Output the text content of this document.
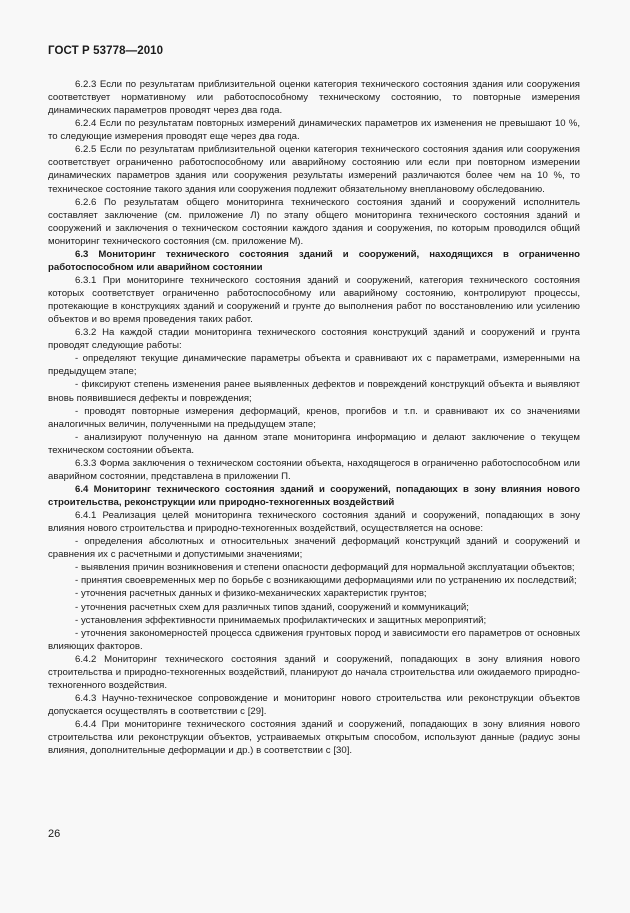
ГОСТ Р 53778—2010

6.2.3 Если по результатам приблизительной оценки категория технического состояния здания или сооружения соответствует нормативному или работоспособному техническому состоянию, то повторные измерения динамических параметров проводят через два года.

6.2.4 Если по результатам повторных измерений динамических параметров их изменения не превышают 10 %, то следующие измерения проводят еще через два года.

6.2.5 Если по результатам приблизительной оценки категория технического состояния здания или сооружения соответствует ограниченно работоспособному или аварийному состоянию или если при повторном измерении динамических параметров здания или сооружения результаты измерений различаются более чем на 10 %, то техническое состояние такого здания или сооружения подлежит обязательному внеплановому обследованию.

6.2.6 По результатам общего мониторинга технического состояния зданий и сооружений исполнитель составляет заключение (см. приложение Л) по этапу общего мониторинга технического состояния зданий и сооружений и заключения о техническом состоянии каждого здания и сооружения, по которым проводился общий мониторинг технического состояния (см. приложение М).

6.3 Мониторинг технического состояния зданий и сооружений, находящихся в ограниченно работоспособном или аварийном состоянии

6.3.1 При мониторинге технического состояния зданий и сооружений, категория технического состояния которых соответствует ограниченно работоспособному или аварийному состоянию, контролируют процессы, протекающие в конструкциях зданий и сооружений и грунте до выполнения работ по восстановлению или усилению объектов и во время проведения таких работ.

6.3.2 На каждой стадии мониторинга технического состояния конструкций зданий и сооружений и грунта проводят следующие работы:

- определяют текущие динамические параметры объекта и сравнивают их с параметрами, измеренными на предыдущем этапе;

- фиксируют степень изменения ранее выявленных дефектов и повреждений конструкций объекта и выявляют вновь появившиеся дефекты и повреждения;

- проводят повторные измерения деформаций, кренов, прогибов и т.п. и сравнивают их со значениями аналогичных величин, полученными на предыдущем этапе;

- анализируют полученную на данном этапе мониторинга информацию и делают заключение о текущем техническом состоянии объекта.

6.3.3 Форма заключения о техническом состоянии объекта, находящегося в ограниченно работоспособном или аварийном состоянии, представлена в приложении П.

6.4 Мониторинг технического состояния зданий и сооружений, попадающих в зону влияния нового строительства, реконструкции или природно-техногенных воздействий

6.4.1 Реализация целей мониторинга технического состояния зданий и сооружений, попадающих в зону влияния нового строительства и природно-техногенных воздействий, осуществляется на основе:

- определения абсолютных и относительных значений деформаций конструкций зданий и сооружений и сравнения их с расчетными и допустимыми значениями;

- выявления причин возникновения и степени опасности деформаций для нормальной эксплуатации объектов;

- принятия своевременных мер по борьбе с возникающими деформациями или по устранению их последствий;

- уточнения расчетных данных и физико-механических характеристик грунтов;

- уточнения расчетных схем для различных типов зданий, сооружений и коммуникаций;

- установления эффективности принимаемых профилактических и защитных мероприятий;

- уточнения закономерностей процесса сдвижения грунтовых пород и зависимости его параметров от основных влияющих факторов.

6.4.2 Мониторинг технического состояния зданий и сооружений, попадающих в зону влияния нового строительства и природно-техногенных воздействий, планируют до начала строительства или ожидаемого природно-техногенного воздействия.

6.4.3 Научно-техническое сопровождение и мониторинг нового строительства или реконструкции объектов допускается осуществлять в соответствии с [29].

6.4.4 При мониторинге технического состояния зданий и сооружений, попадающих в зону влияния нового строительства или реконструкции объектов, устраиваемых открытым способом, используют данные (радиус зоны влияния, дополнительные деформации и др.) в соответствии с [30].

26
